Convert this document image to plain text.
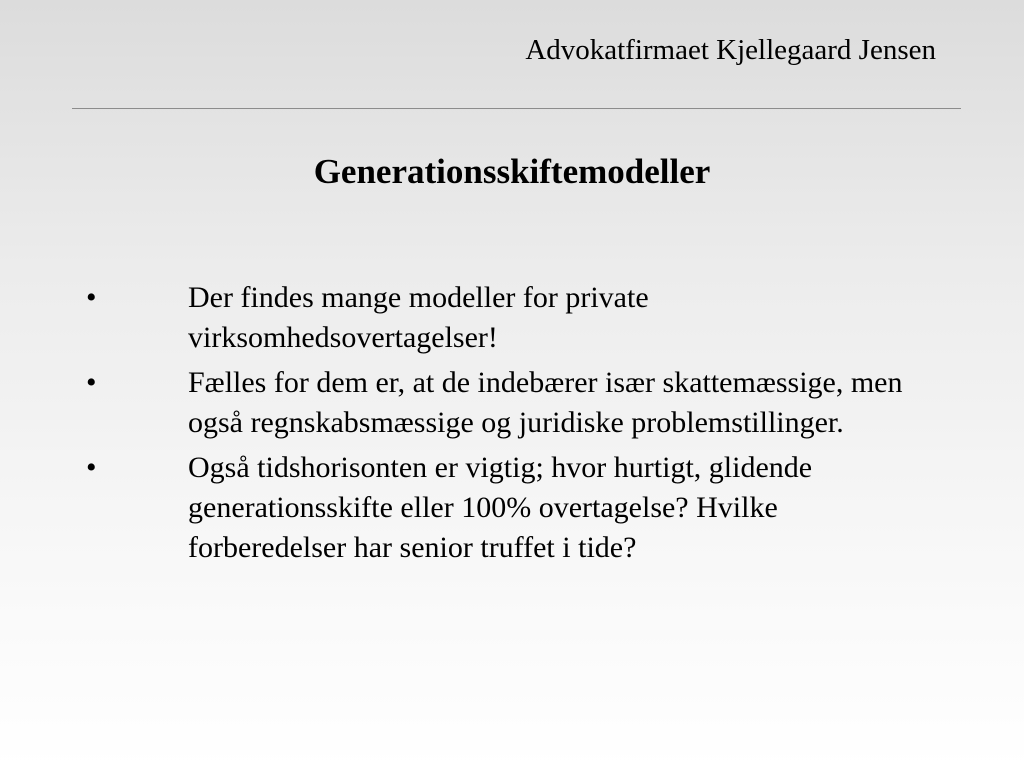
Advokatfirmaet Kjellegaard Jensen
Generationsskiftemodeller
•	Der findes mange modeller for private virksomhedsovertagelser!
•	Fælles for dem er, at de indebærer især skattemæssige, men også regnskabsmæssige og juridiske problemstillinger.
•	Også tidshorisonten er vigtig; hvor hurtigt, glidende generationsskifte eller 100% overtagelse? Hvilke forberedelser har senior truffet i tide?
